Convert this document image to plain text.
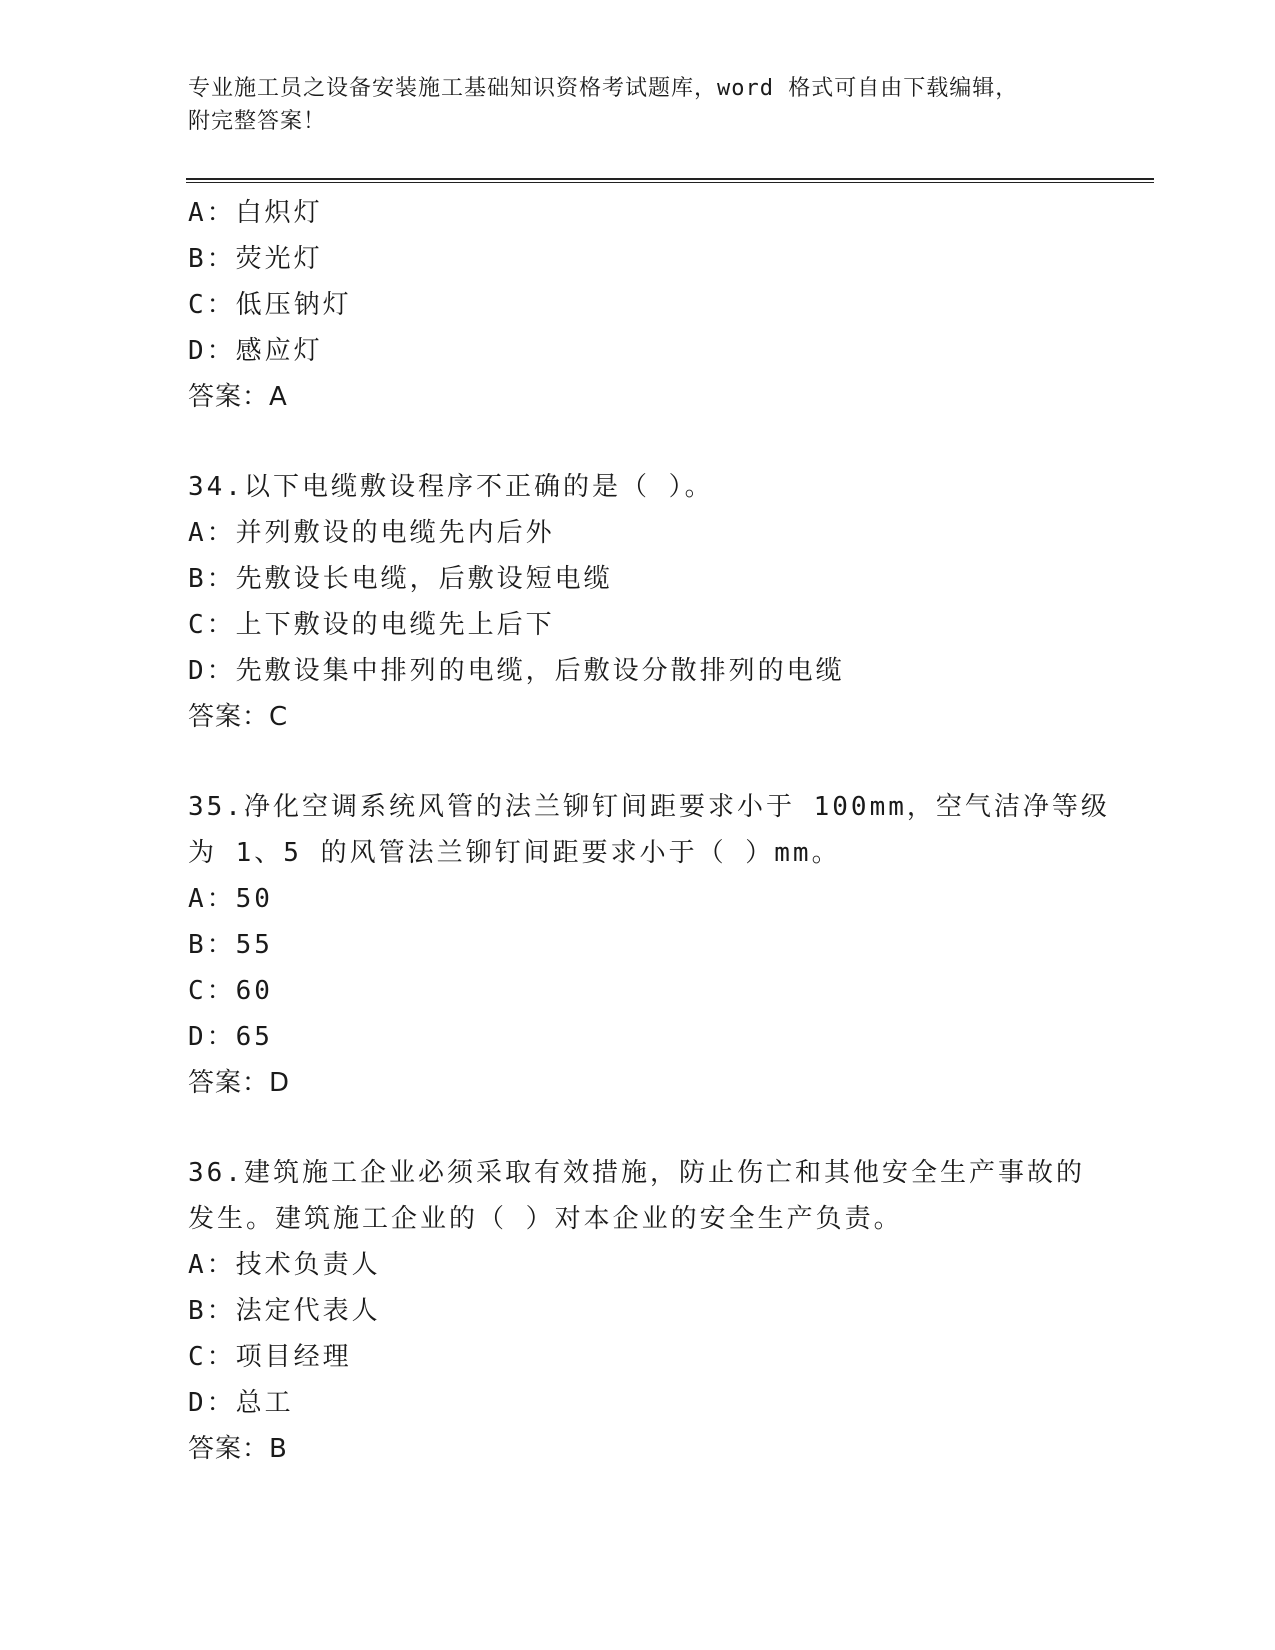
专业施工员之设备安装施工基础知识资格考试题库，word 格式可自由下载编辑，
附完整答案！
A：白炽灯
B：荧光灯
C：低压钠灯
D：感应灯
答案：A
34.以下电缆敷设程序不正确的是（ ）。
A：并列敷设的电缆先内后外
B：先敷设长电缆，后敷设短电缆
C：上下敷设的电缆先上后下
D：先敷设集中排列的电缆，后敷设分散排列的电缆
答案：C
35.净化空调系统风管的法兰铆钉间距要求小于 100mm，空气洁净等级
为 1、5 的风管法兰铆钉间距要求小于（ ）mm。
A：50
B：55
C：60
D：65
答案：D
36.建筑施工企业必须采取有效措施，防止伤亡和其他安全生产事故的
发生。建筑施工企业的（ ）对本企业的安全生产负责。
A：技术负责人
B：法定代表人
C：项目经理
D：总工
答案：B
